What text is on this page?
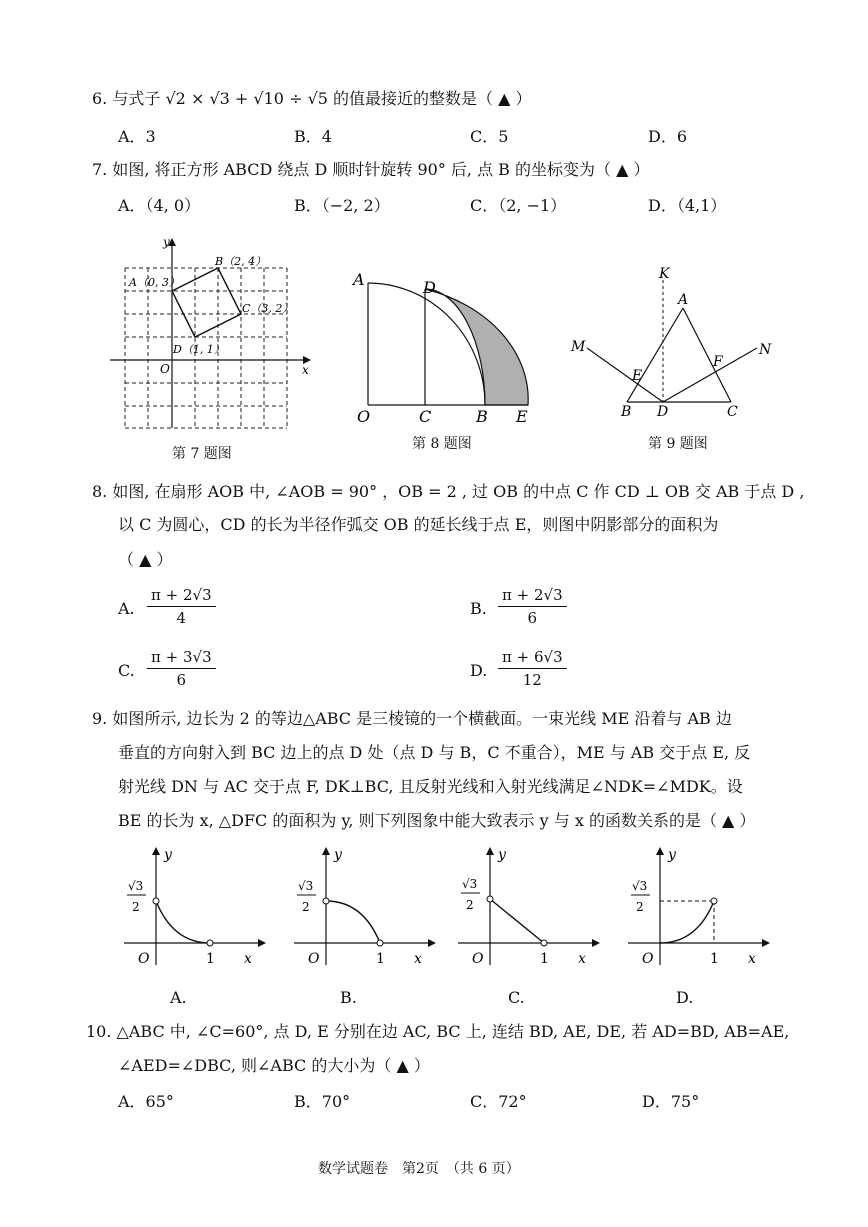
6. 与式子 √2 × √3 + √10 ÷ √5 的值最接近的整数是（ ▲ ）
A．3	B．4	C．5	D．6
7. 如图, 将正方形 ABCD 绕点 D 顺时针旋转 90° 后, 点 B 的坐标变为（ ▲ ）
A．（4, 0）	B．（−2, 2）	C．（2, −1）	D．（4,1）
y
x
O
A（0, 3）
B（2, 4）
C（3, 2）
D（1, 1）
第 7 题图
A	D
O	C	B E
第 8 题图
K
A
M	N
E
F
B D	C
第 9 题图
8. 如图, 在扇形 AOB 中, ∠AOB = 90° ，OB = 2 , 过 OB 的中点 C 作 CD ⊥ OB 交 AB 于点 D ,
以 C 为圆心，CD 的长为半径作弧交 OB 的延长线于点 E，则图中阴影部分的面积为
（ ▲ ）
A. $\frac{\pi + 2√3}{4}$	B. $\frac{\pi + 2√3}{6}$
C. $\frac{\pi + 3√3}{6}$	D. $\frac{\pi + 6√3}{12}$
9. 如图所示, 边长为 2 的等边△ABC 是三棱镜的一个横截面。一束光线 ME 沿着与 AB 边
垂直的方向射入到 BC 边上的点 D 处（点 D 与 B，C 不重合），ME 与 AB 交于点 E, 反
射光线 DN 与 AC 交于点 F, DK⊥BC, 且反射光线和入射光线满足∠NDK=∠MDK。设
BE 的长为 x, △DFC 的面积为 y, 则下列图象中能大致表示 y 与 x 的函数关系的是（ ▲ ）
y
x
O	1
√3
2
A.
y
x
O	1
√3
2
B.
y
x
O	1
√3
2
C.
y
x
O	1
√3
2
D.
10. △ABC 中, ∠C=60°, 点 D, E 分别在边 AC, BC 上, 连结 BD, AE, DE, 若 AD=BD, AB=AE,
∠AED=∠DBC, 则∠ABC 的大小为（ ▲ ）
A．65°	B．70°	C．72°	D．75°
数学试题卷　第2页　（共 6 页）
